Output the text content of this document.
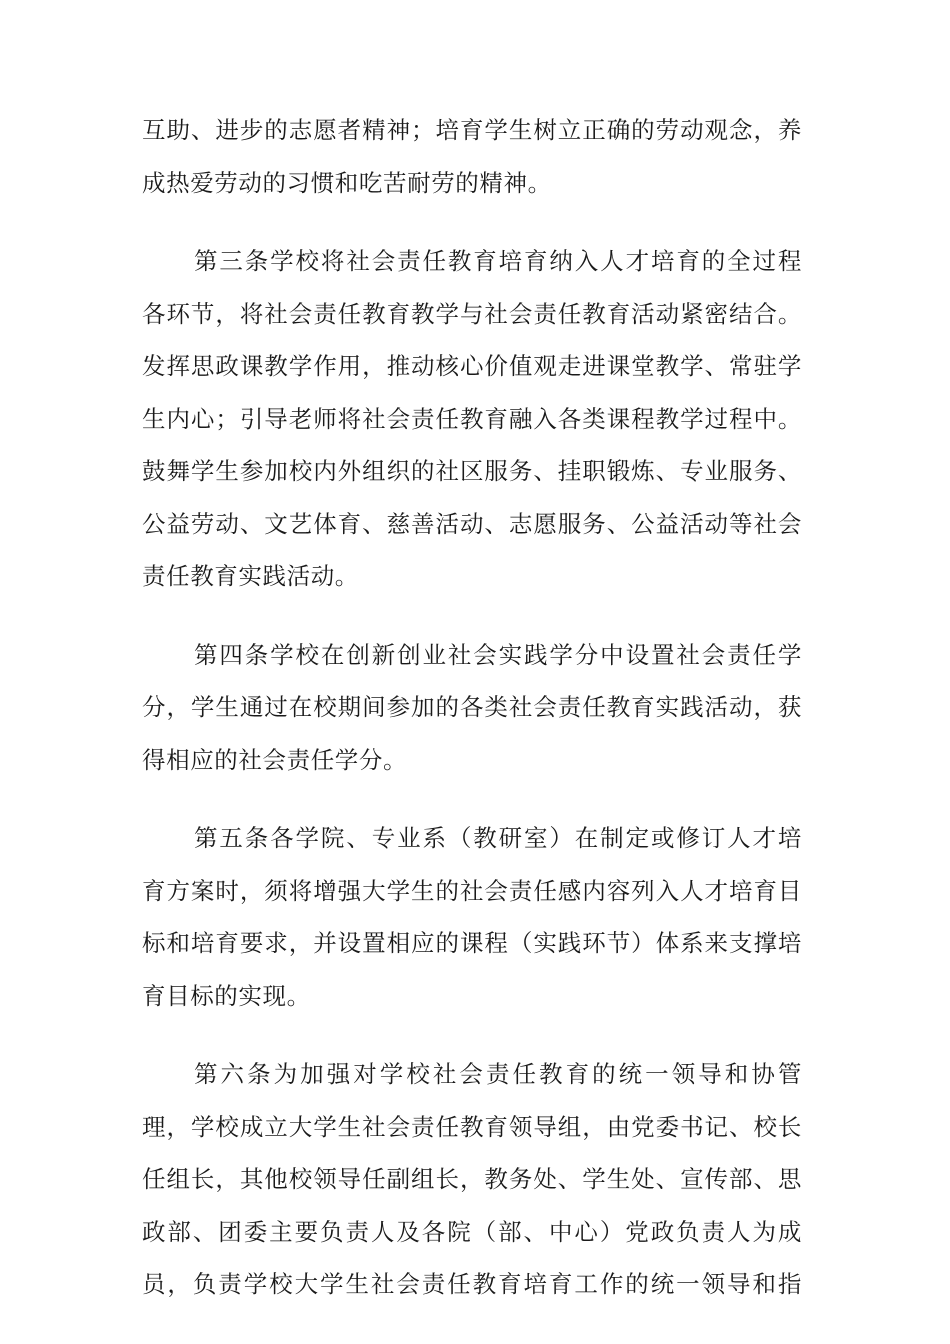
互助、进步的志愿者精神；培育学生树立正确的劳动观念，养
成热爱劳动的习惯和吃苦耐劳的精神。
第三条学校将社会责任教育培育纳入人才培育的全过程
各环节，将社会责任教育教学与社会责任教育活动紧密结合。
发挥思政课教学作用，推动核心价值观走进课堂教学、常驻学
生内心；引导老师将社会责任教育融入各类课程教学过程中。
鼓舞学生参加校内外组织的社区服务、挂职锻炼、专业服务、
公益劳动、文艺体育、慈善活动、志愿服务、公益活动等社会
责任教育实践活动。
第四条学校在创新创业社会实践学分中设置社会责任学
分，学生通过在校期间参加的各类社会责任教育实践活动，获
得相应的社会责任学分。
第五条各学院、专业系（教研室）在制定或修订人才培
育方案时，须将增强大学生的社会责任感内容列入人才培育目
标和培育要求，并设置相应的课程（实践环节）体系来支撑培
育目标的实现。
第六条为加强对学校社会责任教育的统一领导和协管
理，学校成立大学生社会责任教育领导组，由党委书记、校长
任组长，其他校领导任副组长，教务处、学生处、宣传部、思
政部、团委主要负责人及各院（部、中心）党政负责人为成
员，负责学校大学生社会责任教育培育工作的统一领导和指
